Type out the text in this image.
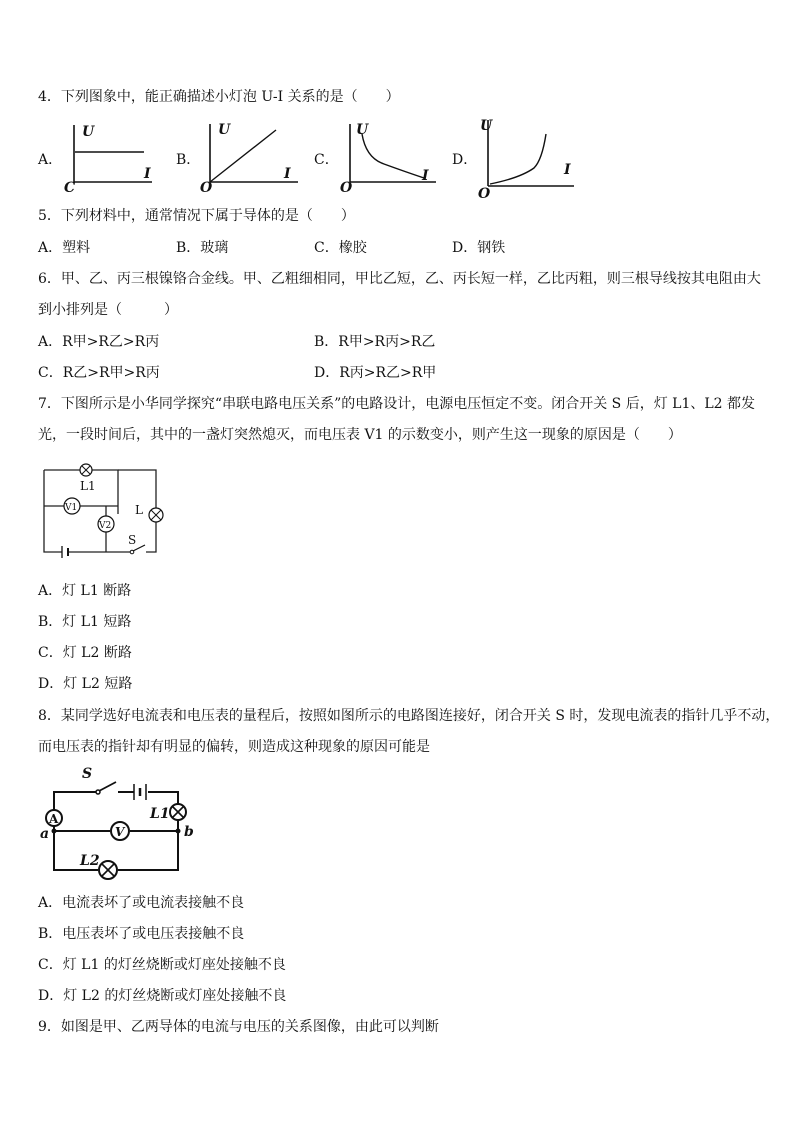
4．下列图象中，能正确描述小灯泡 U-I 关系的是（　　）
A．
U
I
C
B．
U
I
O
C．
U
I
O
D．
U
I
O
5．下列材料中，通常情况下属于导体的是（　　）
A．塑料	B．玻璃	C．橡胶	D．钢铁
6．甲、乙、丙三根镍铬合金线。甲、乙粗细相同，甲比乙短，乙、丙长短一样，乙比丙粗，则三根导线按其电阻由大
到小排列是（　　　）
A．R甲>R乙>R丙	B．R甲>R丙>R乙
C．R乙>R甲>R丙	D．R丙>R乙>R甲
7．下图所示是小华同学探究“串联电路电压关系”的电路设计，电源电压恒定不变。闭合开关 S 后，灯 L1、L2 都发
光，一段时间后，其中的一盏灯突然熄灭，而电压表 V1 的示数变小，则产生这一现象的原因是（　　）
L1
L
V1
V2
S
A．灯 L1 断路
B．灯 L1 短路
C．灯 L2 断路
D．灯 L2 短路
8．某同学选好电流表和电压表的量程后，按照如图所示的电路图连接好，闭合开关 S 时，发现电流表的指针几乎不动，
而电压表的指针却有明显的偏转，则造成这种现象的原因可能是
A
S
L1
V
L2
a	b
A．电流表坏了或电流表接触不良
B．电压表坏了或电压表接触不良
C．灯 L1 的灯丝烧断或灯座处接触不良
D．灯 L2 的灯丝烧断或灯座处接触不良
9．如图是甲、乙两导体的电流与电压的关系图像，由此可以判断
